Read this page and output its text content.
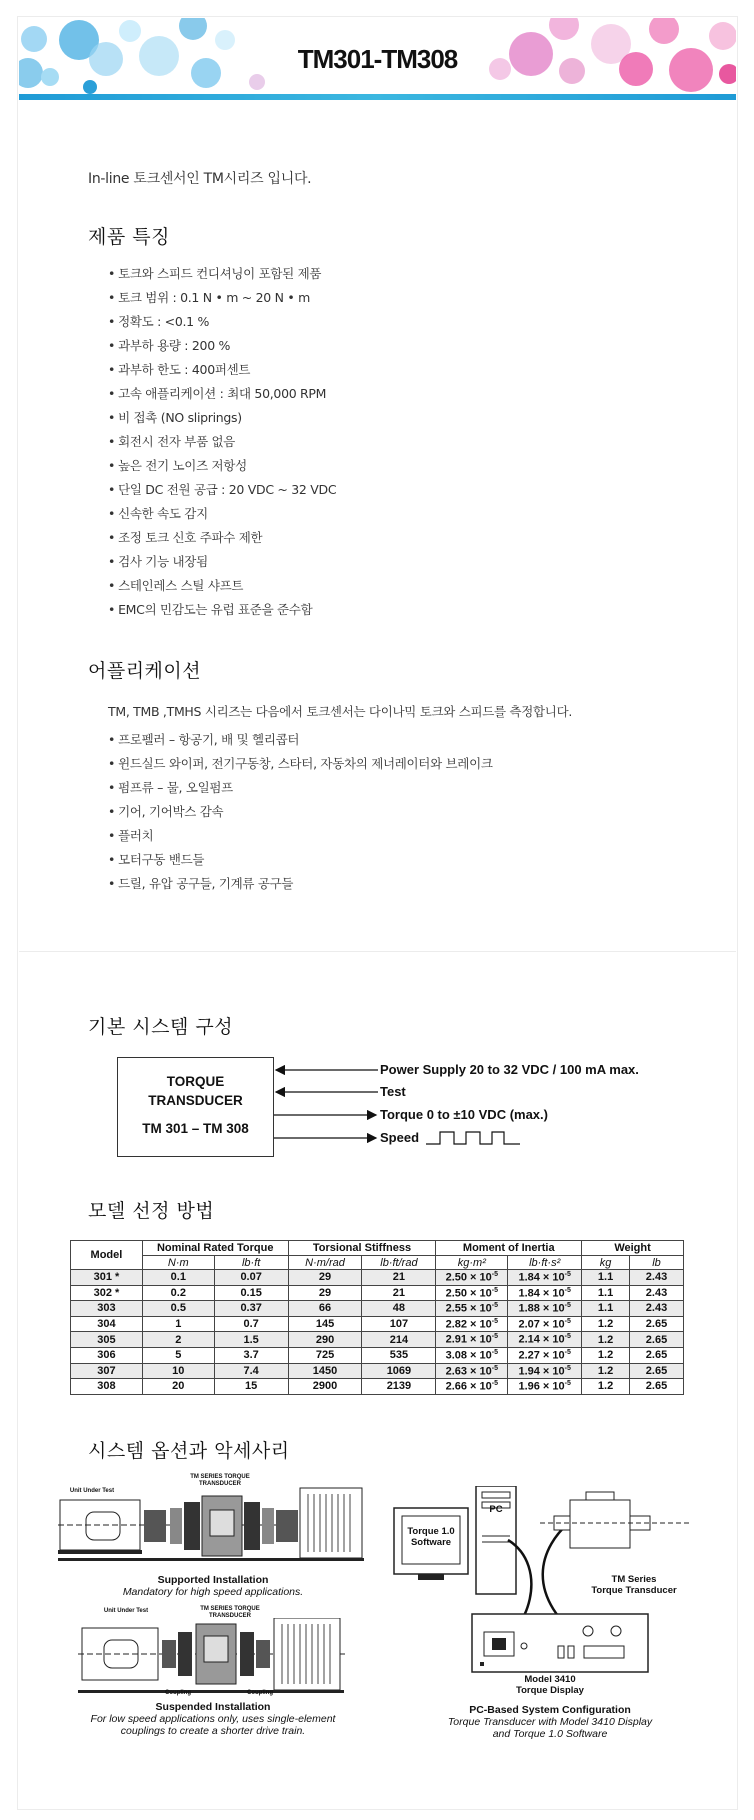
TM301-TM308
In-line 토크센서인 TM시리즈 입니다.
제품 특징
• 토크와 스피드 컨디셔닝이 포함된 제품
• 토크 범위 : 0.1 N • m ~ 20 N • m
• 정확도 : <0.1 %
• 과부하 용량 : 200 %
• 과부하 한도 : 400퍼센트
• 고속 애플리케이션 : 최대 50,000 RPM
• 비 접촉 (NO sliprings)
• 회전시 전자 부품 없음
• 높은 전기 노이즈 저항성
• 단일 DC 전원 공급 : 20 VDC ~ 32 VDC
• 신속한 속도 감지
• 조정 토크 신호 주파수 제한
• 검사 기능 내장됨
• 스테인레스 스틸 샤프트
• EMC의 민감도는 유럽 표준을 준수함
어플리케이션
TM, TMB ,TMHS 시리즈는 다음에서 토크센서는 다이나믹 토크와 스피드를 측정합니다.
• 프로펠러 – 항공기, 배 및 헬리콥터
• 윈드실드 와이퍼, 전기구동창, 스타터, 자동차의 제너레이터와 브레이크
• 펌프류 – 물, 오일펌프
• 기어, 기어박스 감속
• 플러치
• 모터구동 밴드들
• 드릴, 유압 공구들, 기계류 공구들
기본 시스템 구성
TORQUE
TRANSDUCER
TM 301 – TM 308
Power Supply 20 to 32 VDC / 100 mA max.
Test
Torque 0 to ±10 VDC (max.)
Speed
모델 선정 방법
Model	Nominal Rated Torque		Torsional Stiffness		Moment of Inertia		Weight	
	N·m	lb·ft	N·m/rad	lb·ft/rad	kg·m²	lb·ft·s²	kg	lb
301 *	0.1	0.07	29	21	$2.50 \times 10^{-5}$	$1.84 \times 10^{-5}$	1.1	2.43
302 *	0.2	0.15	29	21	$2.50 \times 10^{-5}$	$1.84 \times 10^{-5}$	1.1	2.43
303	0.5	0.37	66	48	$2.55 \times 10^{-5}$	$1.88 \times 10^{-5}$	1.1	2.43
304	1	0.7	145	107	$2.82 \times 10^{-5}$	$2.07 \times 10^{-5}$	1.2	2.65
305	2	1.5	290	214	$2.91 \times 10^{-5}$	$2.14 \times 10^{-5}$	1.2	2.65
306	5	3.7	725	535	$3.08 \times 10^{-5}$	$2.27 \times 10^{-5}$	1.2	2.65
307	10	7.4	1450	1069	$2.63 \times 10^{-5}$	$1.94 \times 10^{-5}$	1.2	2.65
308	20	15	2900	2139	$2.66 \times 10^{-5}$	$1.96 \times 10^{-5}$	1.2	2.65
시스템 옵션과 악세사리
Unit Under Test
TM SERIES TORQUE TRANSDUCER
Supported Installation
Mandatory for high speed applications.
Unit Under Test	TM SERIES TORQUE TRANSDUCER
Coupling	Coupling
Suspended Installation
For low speed applications only, uses single-element
couplings to create a shorter drive train.
Torque 1.0 Software
PC
TM Series
Torque Transducer
Model 3410
Torque Display
PC-Based System Configuration
Torque Transducer with Model 3410 Display
and Torque 1.0 Software
